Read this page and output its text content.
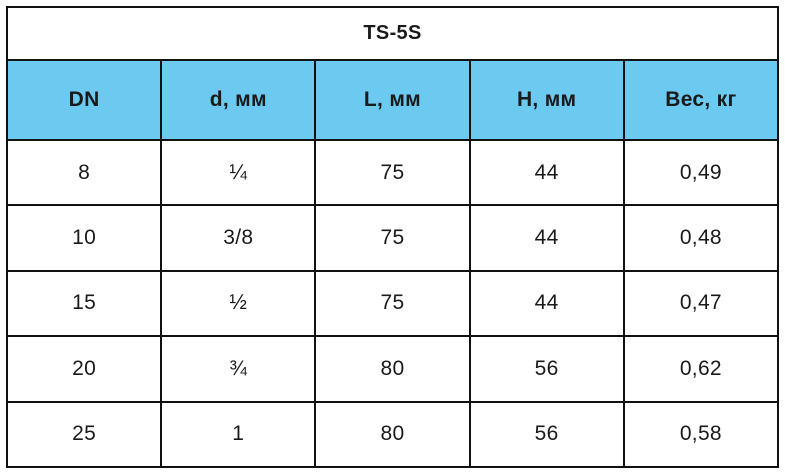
TS-5S				
DN	d, мм	L, мм	H, мм	Вес, кг
8	¼	75	44	0,49
10	3/8	75	44	0,48
15	½	75	44	0,47
20	¾	80	56	0,62
25	1	80	56	0,58
